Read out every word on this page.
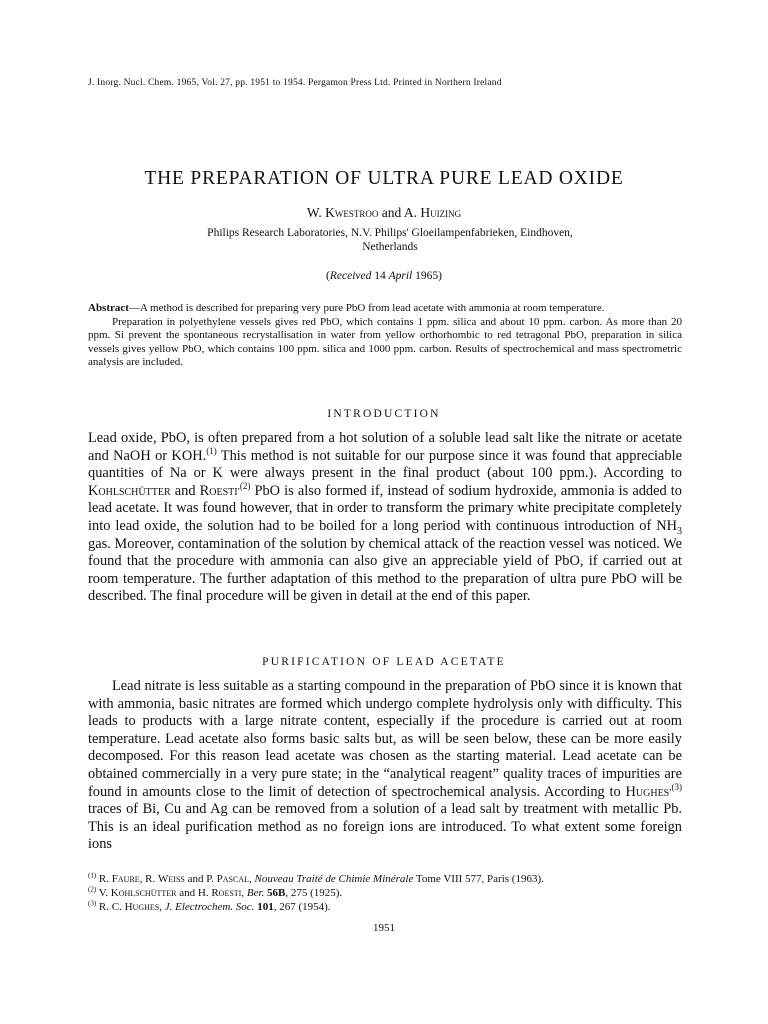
J. Inorg. Nucl. Chem. 1965, Vol. 27, pp. 1951 to 1954. Pergamon Press Ltd. Printed in Northern Ireland
THE PREPARATION OF ULTRA PURE LEAD OXIDE
W. Kwestroo and A. Huizing
Philips Research Laboratories, N.V. Philips' Gloeilampenfabrieken, Eindhoven,
Netherlands
(Received 14 April 1965)

Abstract—A method is described for preparing very pure PbO from lead acetate with ammonia at room temperature.

Preparation in polyethylene vessels gives red PbO, which contains 1 ppm. silica and about 10 ppm. carbon. As more than 20 ppm. Si prevent the spontaneous recrystallisation in water from yellow orthorhombic to red tetragonal PbO, preparation in silica vessels gives yellow PbO, which contains 100 ppm. silica and 1000 ppm. carbon. Results of spectrochemical and mass spectrometric analysis are included.

INTRODUCTION

Lead oxide, PbO, is often prepared from a hot solution of a soluble lead salt like the nitrate or acetate and NaOH or KOH.$^{(1)}$ This method is not suitable for our purpose since it was found that appreciable quantities of Na or K were always present in the final product (about 100 ppm.). According to Kohlschütter and Roesti$^{,(2)}$ PbO is also formed if, instead of sodium hydroxide, ammonia is added to lead acetate. It was found however, that in order to transform the primary white precipitate completely into lead oxide, the solution had to be boiled for a long period with continuous introduction of $NH_3$ gas. Moreover, contamination of the solution by chemical attack of the reaction vessel was noticed. We found that the procedure with ammonia can also give an appreciable yield of PbO, if carried out at room temperature. The further adaptation of this method to the preparation of ultra pure PbO will be described. The final procedure will be given in detail at the end of this paper.

PURIFICATION OF LEAD ACETATE

Lead nitrate is less suitable as a starting compound in the preparation of PbO since it is known that with ammonia, basic nitrates are formed which undergo complete hydrolysis only with difficulty. This leads to products with a large nitrate content, especially if the procedure is carried out at room temperature. Lead acetate also forms basic salts but, as will be seen below, these can be more easily decomposed. For this reason lead acetate was chosen as the starting material. Lead acetate can be obtained commercially in a very pure state; in the “analytical reagent” quality traces of impurities are found in amounts close to the limit of detection of spectrochemical analysis. According to Hughes$^{,(3)}$ traces of Bi, Cu and Ag can be removed from a solution of a lead salt by treatment with metallic Pb. This is an ideal purification method as no foreign ions are introduced. To what extent some foreign ions

$^{(1)}$ R. Faure, R. Weiss and P. Pascal, Nouveau Traité de Chimie Minérale Tome VIII 577, Paris (1963).
$^{(2)}$ V. Kohlschütter and H. Roesti, Ber. 56B, 275 (1925).
$^{(3)}$ R. C. Hughes, J. Electrochem. Soc. 101, 267 (1954).
1951
